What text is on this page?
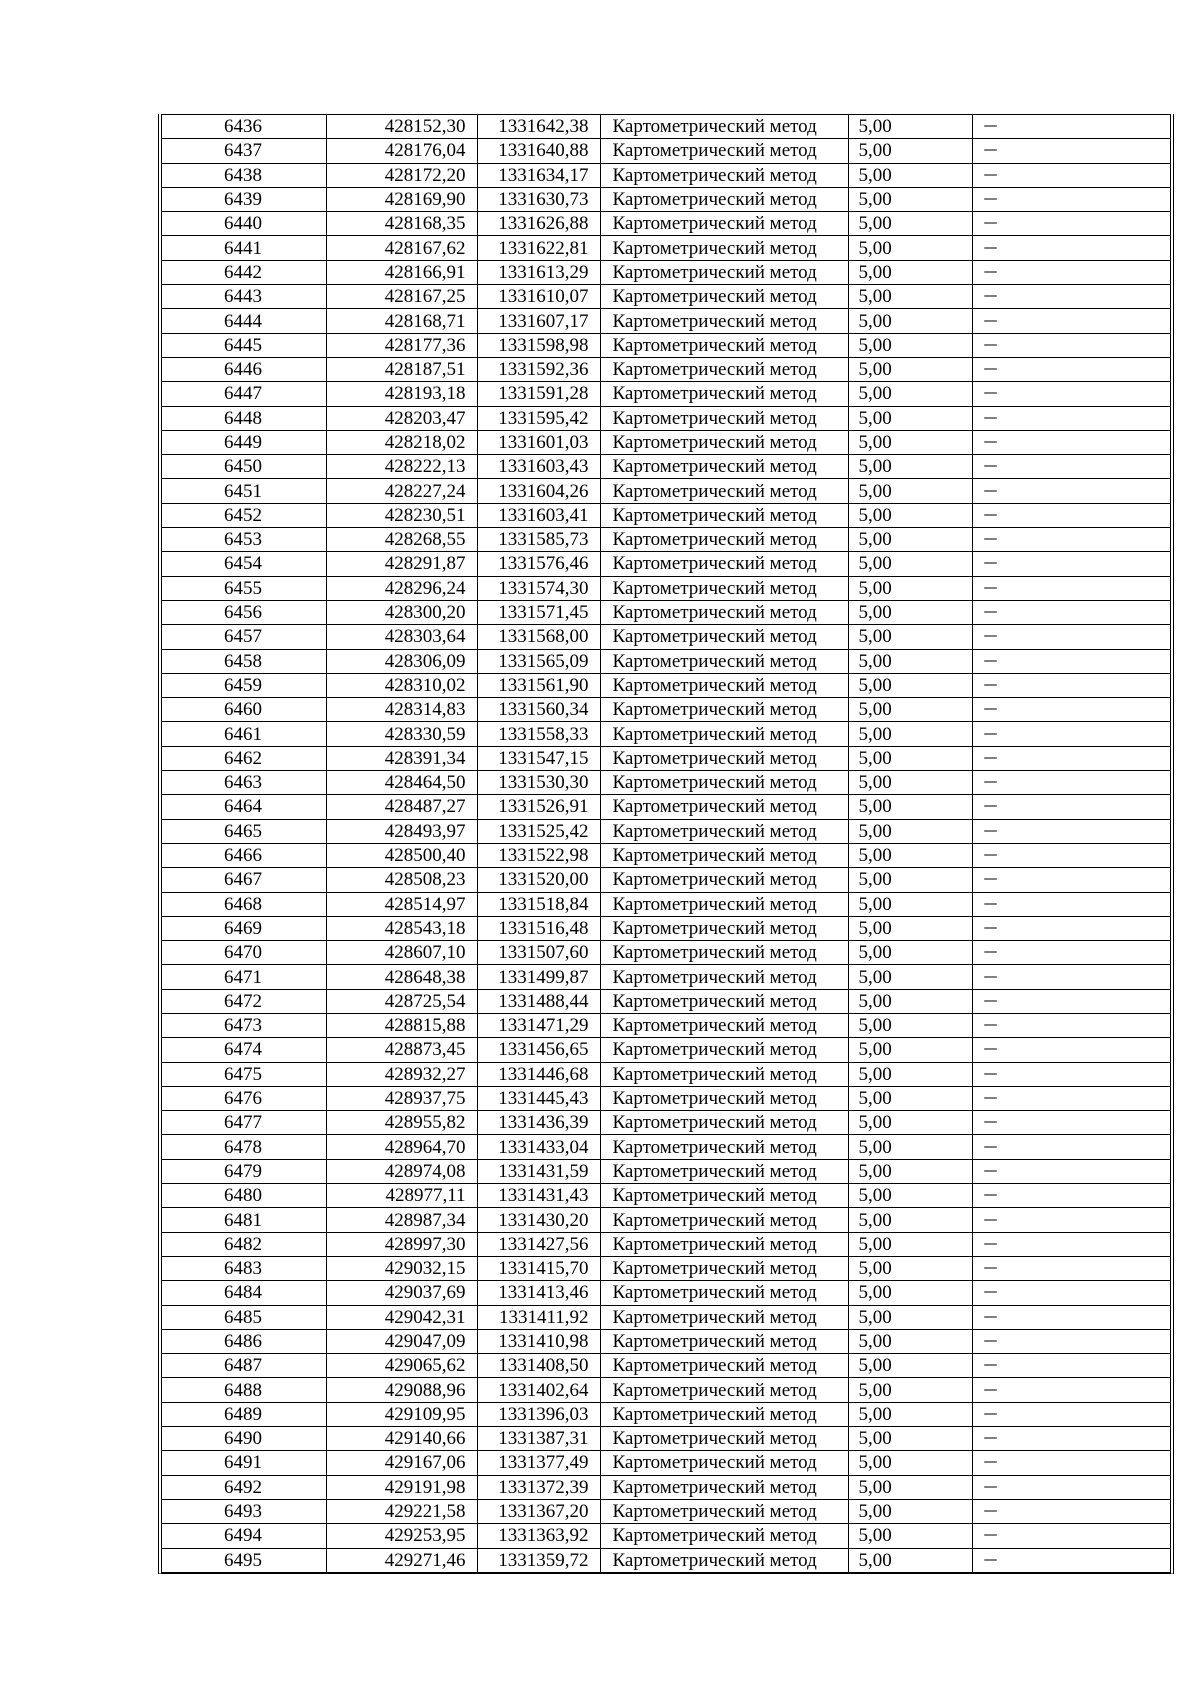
6436	428152,30	1331642,38	Картометрический метод	5,00	—
6437	428176,04	1331640,88	Картометрический метод	5,00	—
6438	428172,20	1331634,17	Картометрический метод	5,00	—
6439	428169,90	1331630,73	Картометрический метод	5,00	—
6440	428168,35	1331626,88	Картометрический метод	5,00	—
6441	428167,62	1331622,81	Картометрический метод	5,00	—
6442	428166,91	1331613,29	Картометрический метод	5,00	—
6443	428167,25	1331610,07	Картометрический метод	5,00	—
6444	428168,71	1331607,17	Картометрический метод	5,00	—
6445	428177,36	1331598,98	Картометрический метод	5,00	—
6446	428187,51	1331592,36	Картометрический метод	5,00	—
6447	428193,18	1331591,28	Картометрический метод	5,00	—
6448	428203,47	1331595,42	Картометрический метод	5,00	—
6449	428218,02	1331601,03	Картометрический метод	5,00	—
6450	428222,13	1331603,43	Картометрический метод	5,00	—
6451	428227,24	1331604,26	Картометрический метод	5,00	—
6452	428230,51	1331603,41	Картометрический метод	5,00	—
6453	428268,55	1331585,73	Картометрический метод	5,00	—
6454	428291,87	1331576,46	Картометрический метод	5,00	—
6455	428296,24	1331574,30	Картометрический метод	5,00	—
6456	428300,20	1331571,45	Картометрический метод	5,00	—
6457	428303,64	1331568,00	Картометрический метод	5,00	—
6458	428306,09	1331565,09	Картометрический метод	5,00	—
6459	428310,02	1331561,90	Картометрический метод	5,00	—
6460	428314,83	1331560,34	Картометрический метод	5,00	—
6461	428330,59	1331558,33	Картометрический метод	5,00	—
6462	428391,34	1331547,15	Картометрический метод	5,00	—
6463	428464,50	1331530,30	Картометрический метод	5,00	—
6464	428487,27	1331526,91	Картометрический метод	5,00	—
6465	428493,97	1331525,42	Картометрический метод	5,00	—
6466	428500,40	1331522,98	Картометрический метод	5,00	—
6467	428508,23	1331520,00	Картометрический метод	5,00	—
6468	428514,97	1331518,84	Картометрический метод	5,00	—
6469	428543,18	1331516,48	Картометрический метод	5,00	—
6470	428607,10	1331507,60	Картометрический метод	5,00	—
6471	428648,38	1331499,87	Картометрический метод	5,00	—
6472	428725,54	1331488,44	Картометрический метод	5,00	—
6473	428815,88	1331471,29	Картометрический метод	5,00	—
6474	428873,45	1331456,65	Картометрический метод	5,00	—
6475	428932,27	1331446,68	Картометрический метод	5,00	—
6476	428937,75	1331445,43	Картометрический метод	5,00	—
6477	428955,82	1331436,39	Картометрический метод	5,00	—
6478	428964,70	1331433,04	Картометрический метод	5,00	—
6479	428974,08	1331431,59	Картометрический метод	5,00	—
6480	428977,11	1331431,43	Картометрический метод	5,00	—
6481	428987,34	1331430,20	Картометрический метод	5,00	—
6482	428997,30	1331427,56	Картометрический метод	5,00	—
6483	429032,15	1331415,70	Картометрический метод	5,00	—
6484	429037,69	1331413,46	Картометрический метод	5,00	—
6485	429042,31	1331411,92	Картометрический метод	5,00	—
6486	429047,09	1331410,98	Картометрический метод	5,00	—
6487	429065,62	1331408,50	Картометрический метод	5,00	—
6488	429088,96	1331402,64	Картометрический метод	5,00	—
6489	429109,95	1331396,03	Картометрический метод	5,00	—
6490	429140,66	1331387,31	Картометрический метод	5,00	—
6491	429167,06	1331377,49	Картометрический метод	5,00	—
6492	429191,98	1331372,39	Картометрический метод	5,00	—
6493	429221,58	1331367,20	Картометрический метод	5,00	—
6494	429253,95	1331363,92	Картометрический метод	5,00	—
6495	429271,46	1331359,72	Картометрический метод	5,00	—
